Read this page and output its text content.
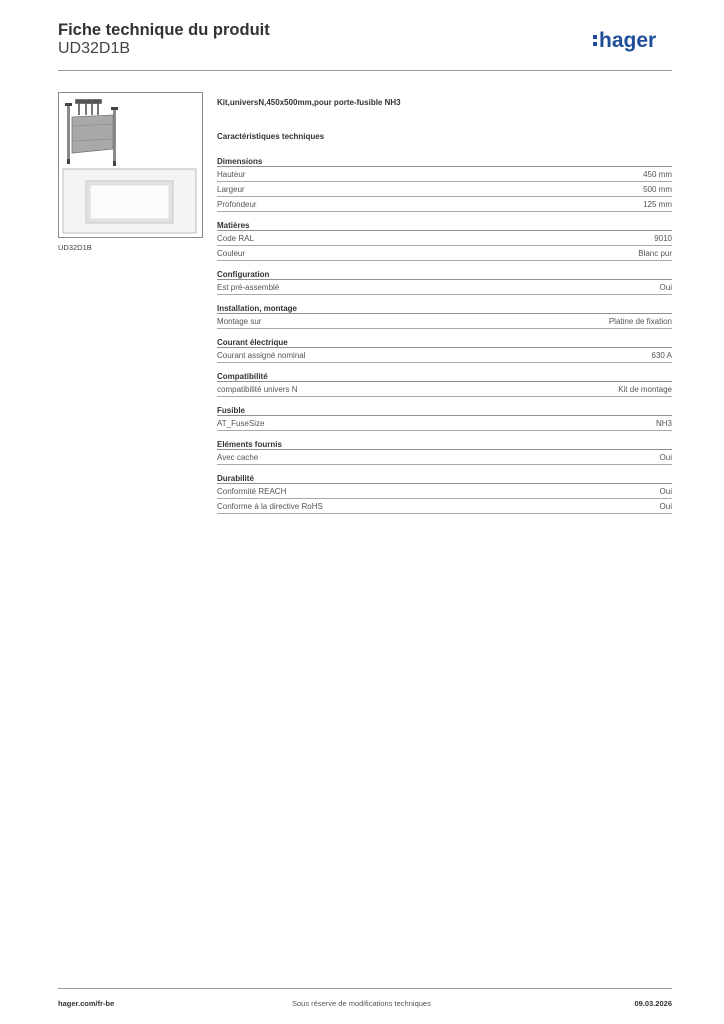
Fiche technique du produit
UD32D1B	hager
UD32D1B
Kit,universN,450x500mm,pour porte-fusible NH3
Caractéristiques techniques
Dimensions
Hauteur	450 mm
Largeur	500 mm
Profondeur	125 mm
Matières
Code RAL	9010
Couleur	Blanc pur
Configuration
Est pré-assemblé	Oui
Installation, montage
Montage sur	Platine de fixation
Courant électrique
Courant assigné nominal	630 A
Compatibilité
compatibilité univers N	Kit de montage
Fusible
AT_FuseSize	NH3
Eléments fournis
Avec cache	Oui
Durabilité
Conformité REACH	Oui
Conforme à la directive RoHS	Oui
hager.com/fr-be	Sous réserve de modifications techniques	09.03.2026
